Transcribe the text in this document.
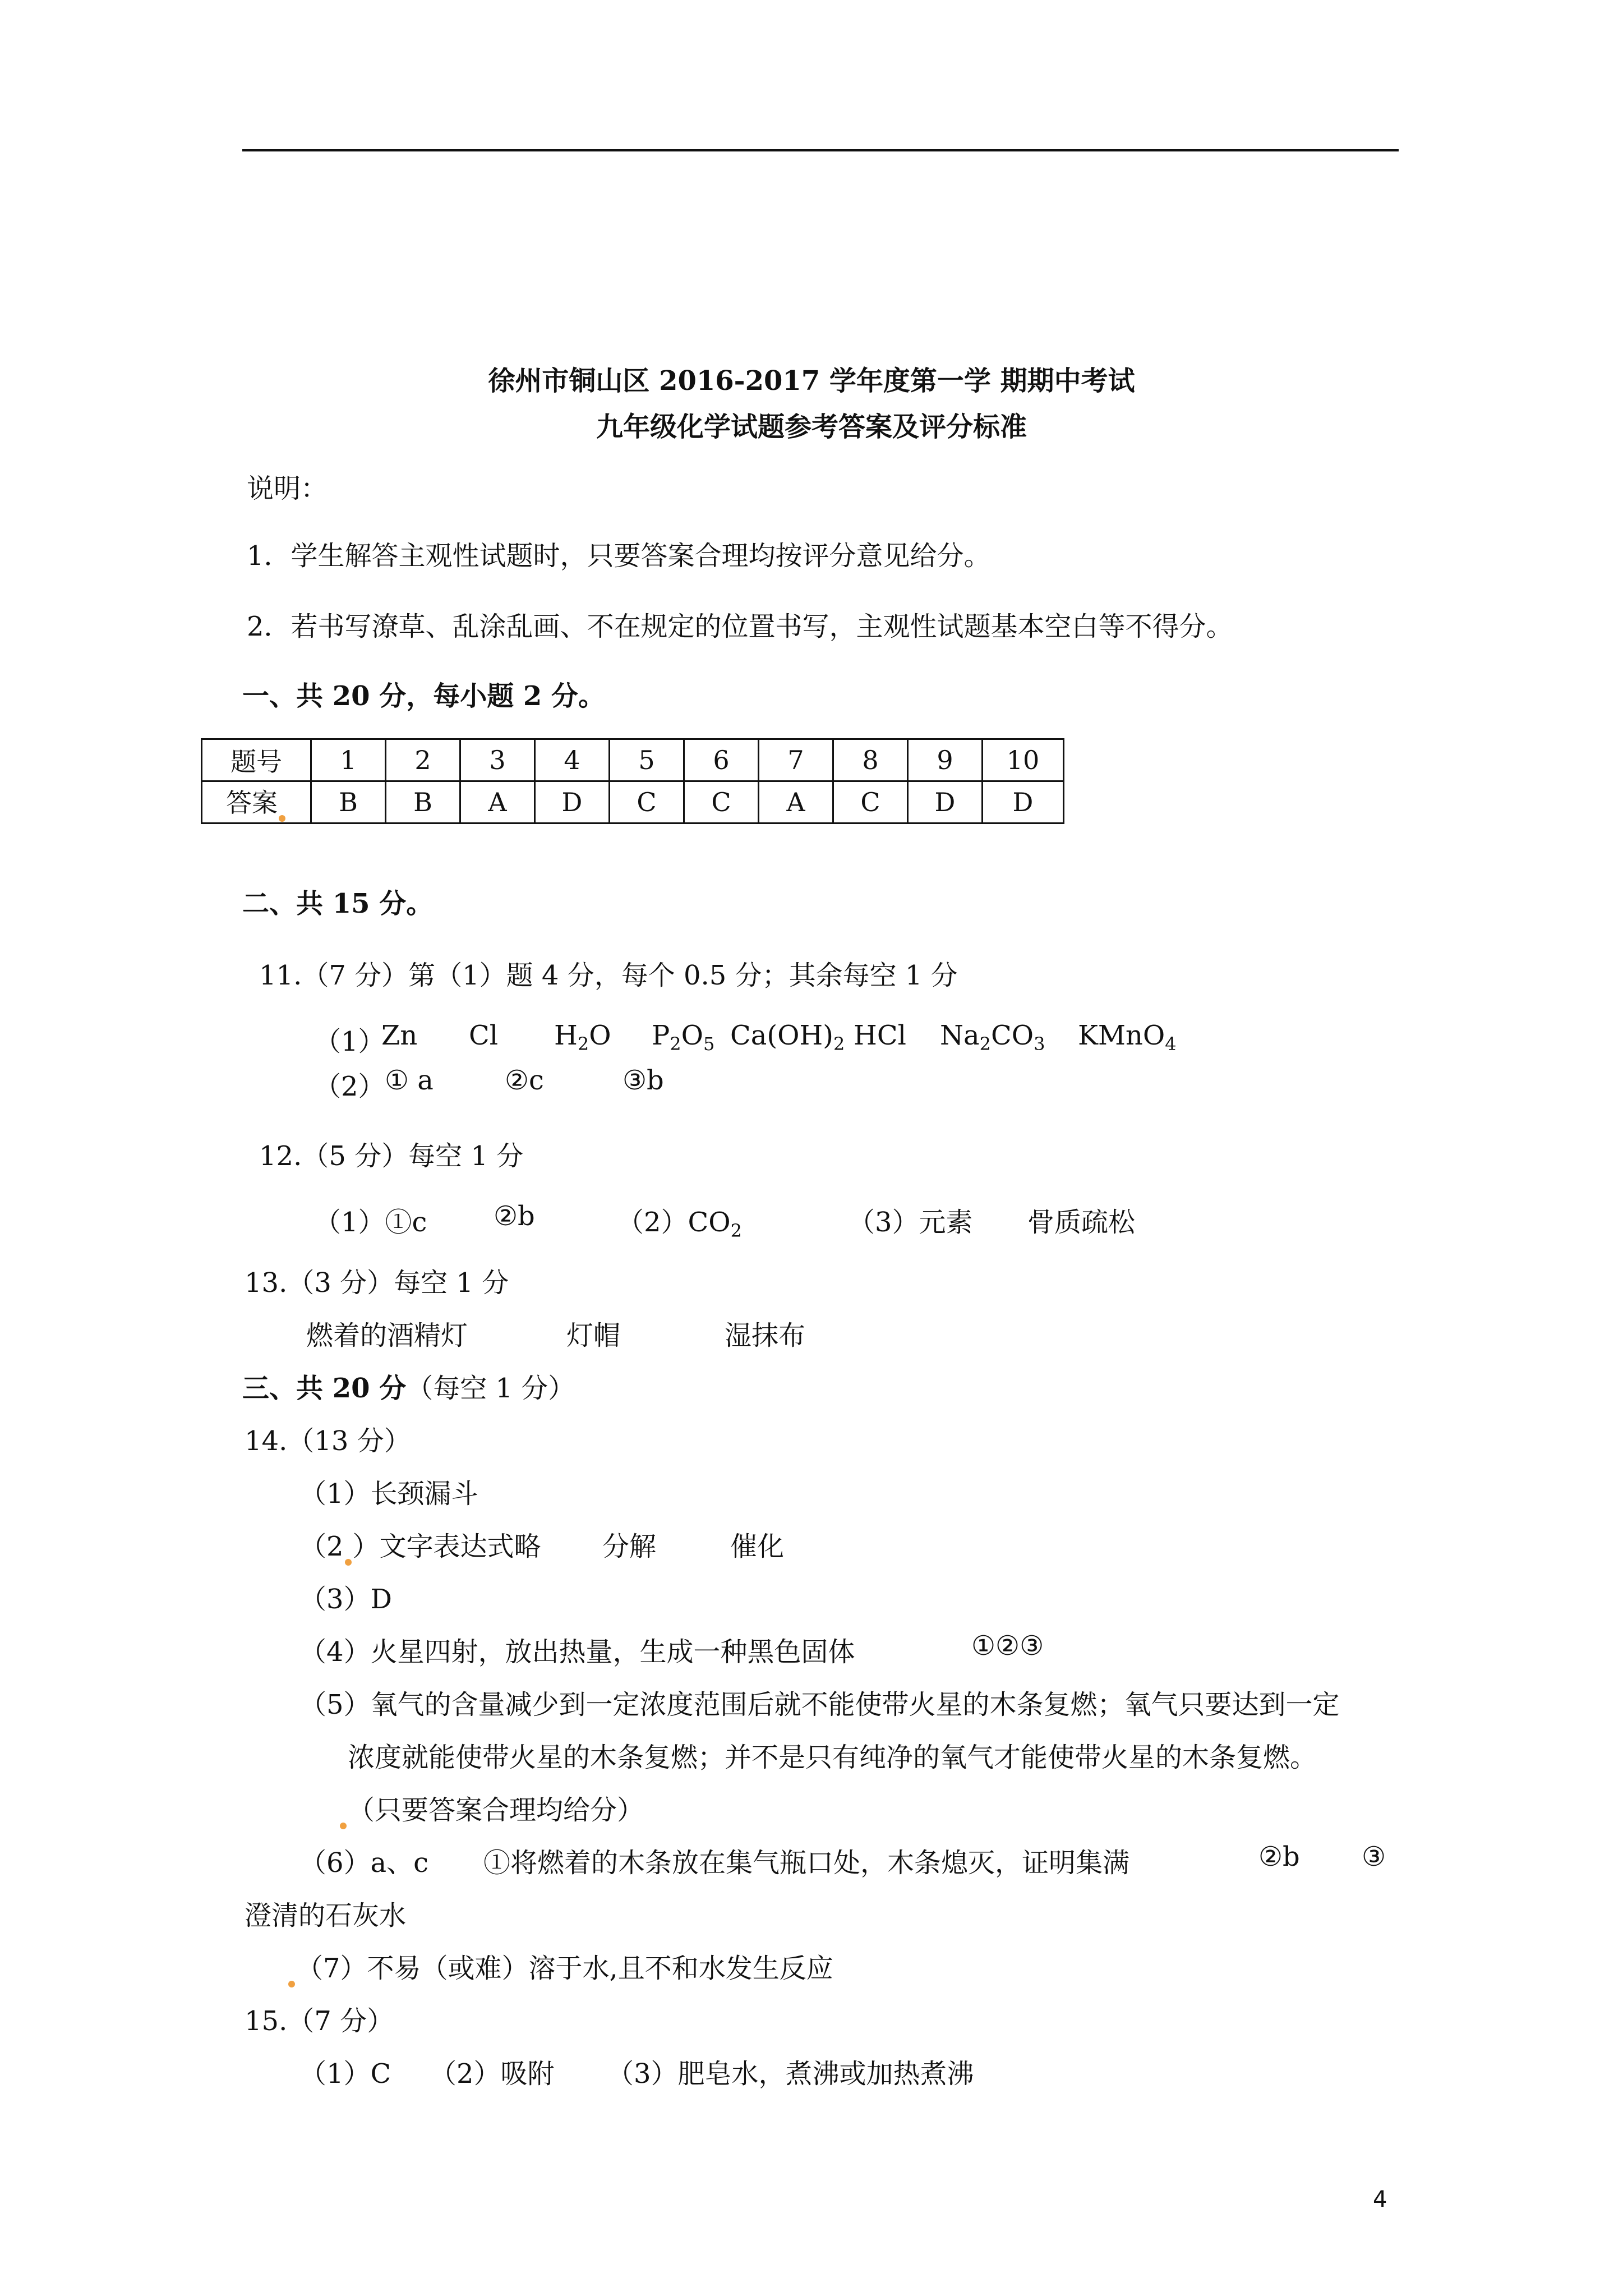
徐州市铜山区 2016-2017 学年度第一学 期期中考试
九年级化学试题参考答案及评分标准
说明：
1．学生解答主观性试题时，只要答案合理均按评分意见给分。
2．若书写潦草、乱涂乱画、不在规定的位置书写，主观性试题基本空白等不得分。
一、共 20 分，每小题 2 分。
题号	1	2	3	4	5	6	7	8	9	10
答案	B	B	A	D	C	C	A	C	D	D
二、共 15 分。
11.（7 分）第（1）题 4 分，每个 0.5 分；其余每空 1 分
（1）
Zn Cl $H_2O$ $P_2O_5$ $Ca(OH)_2$ HCl $Na_2CO_3$ KMnO$_4$
（2） ① a	②c	③b
12.（5 分）每空 1 分
（1）①c ②b	$(2)CO_2$	（3）元素 骨质疏松
13.（3 分）每空 1 分
燃着的酒精灯	灯帽	湿抹布
三、共 20 分（每空 1 分）
14.（13 分）
（1）长颈漏斗
（2 ）文字表达式略 分解	催化
（3）D
（4）火星四射，放出热量，生成一种黑色固体	①②③
（5）氧气的含量减少到一定浓度范围后就不能使带火星的木条复燃；氧气只要达到一定
浓度就能使带火星的木条复燃；并不是只有纯净的氧气才能使带火星的木条复燃。
（只要答案合理均给分）
（6）a、c ①将燃着的木条放在集气瓶口处，木条熄灭，证明集满	②b ③
澄清的石灰水
（7）不易（或难）溶于水,且不和水发生反应
15.（7 分）
（1）C （2）吸附 （3）肥皂水，煮沸或加热煮沸
4
